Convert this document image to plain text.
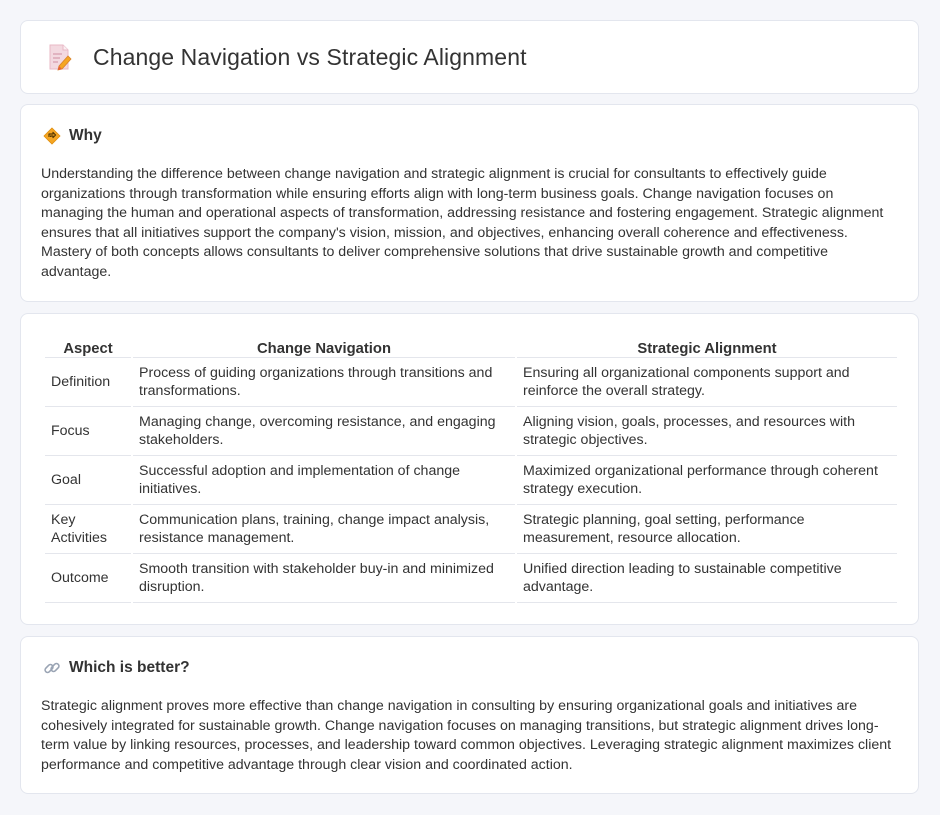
Change Navigation vs Strategic Alignment
Why

Understanding the difference between change navigation and strategic alignment is crucial for consultants to effectively guide organizations through transformation while ensuring efforts align with long-term business goals. Change navigation focuses on managing the human and operational aspects of transformation, addressing resistance and fostering engagement. Strategic alignment ensures that all initiatives support the company's vision, mission, and objectives, enhancing overall coherence and effectiveness. Mastery of both concepts allows consultants to deliver comprehensive solutions that drive sustainable growth and competitive advantage.

Aspect	Change Navigation	Strategic Alignment
Definition	Process of guiding organizations through transitions and transformations.	Ensuring all organizational components support and reinforce the overall strategy.
Focus	Managing change, overcoming resistance, and engaging stakeholders.	Aligning vision, goals, processes, and resources with strategic objectives.
Goal	Successful adoption and implementation of change initiatives.	Maximized organizational performance through coherent strategy execution.
Key Activities	Communication plans, training, change impact analysis, resistance management.	Strategic planning, goal setting, performance measurement, resource allocation.
Outcome	Smooth transition with stakeholder buy-in and minimized disruption.	Unified direction leading to sustainable competitive advantage.
Which is better?

Strategic alignment proves more effective than change navigation in consulting by ensuring organizational goals and initiatives are cohesively integrated for sustainable growth. Change navigation focuses on managing transitions, but strategic alignment drives long-term value by linking resources, processes, and leadership toward common objectives. Leveraging strategic alignment maximizes client performance and competitive advantage through clear vision and coordinated action.
